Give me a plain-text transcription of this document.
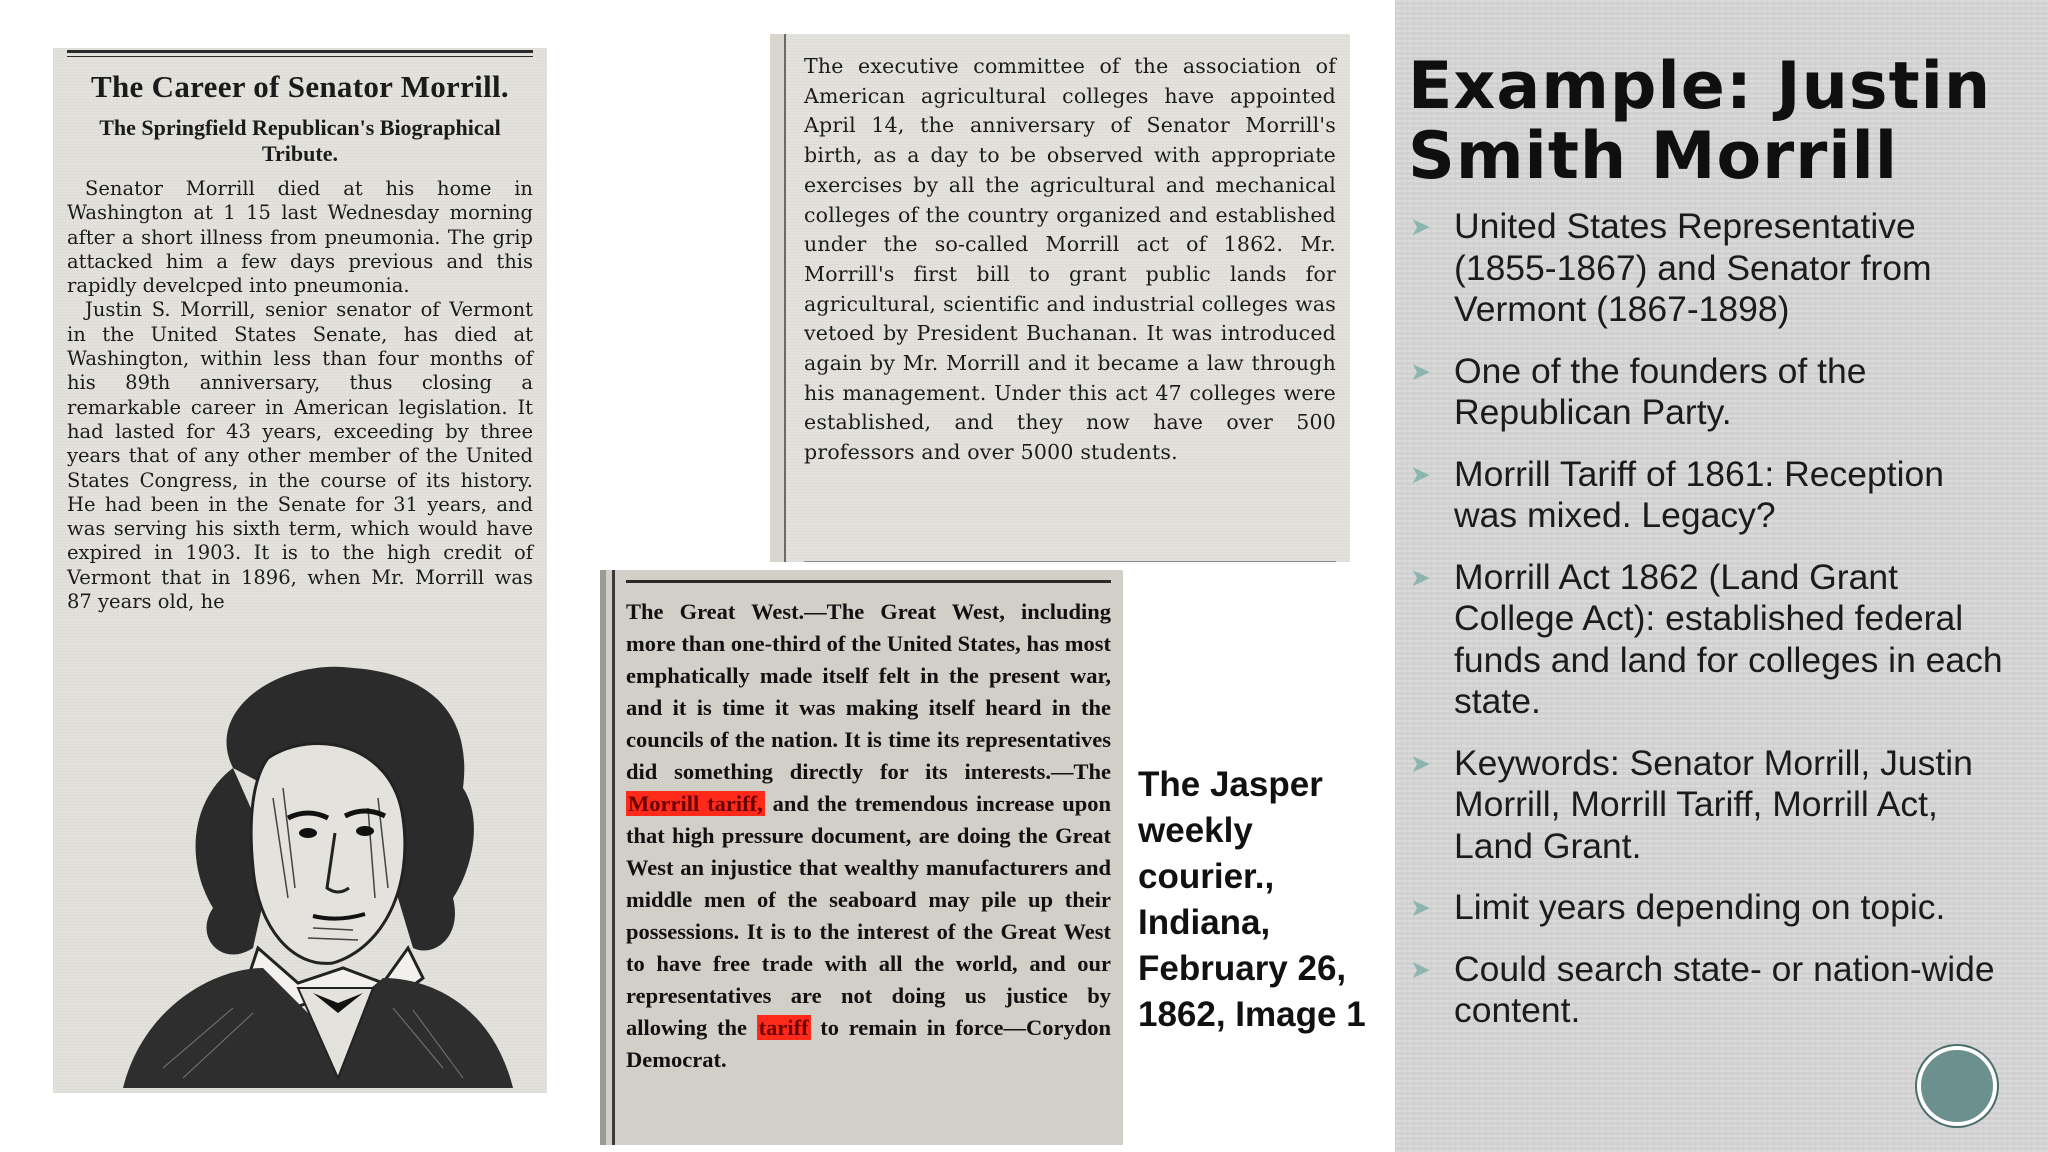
The Career of Senator Morrill.
The Springfield Republican's Biographical Tribute.

Senator Morrill died at his home in Washington at 1 15 last Wednesday morning after a short illness from pneumonia. The grip attacked him a few days previous and this rapidly develcped into pneumonia.

Justin S. Morrill, senior senator of Vermont in the United States Senate, has died at Washington, within less than four months of his 89th anniversary, thus closing a remarkable career in American legislation. It had lasted for 43 years, exceeding by three years that of any other member of the United States Congress, in the course of its history. He had been in the Senate for 31 years, and was serving his sixth term, which would have expired in 1903. It is to the high credit of Vermont that in 1896, when Mr. Morrill was 87 years old, he

The executive committee of the association of American agricultural colleges have appointed April 14, the anniversary of Senator Morrill's birth, as a day to be observed with appropriate exercises by all the agricultural and mechanical colleges of the country organized and established under the so-called Morrill act of 1862. Mr. Morrill's first bill to grant public lands for agricultural, scientific and industrial colleges was vetoed by President Buchanan. It was introduced again by Mr. Morrill and it became a law through his management. Under this act 47 colleges were established, and they now have over 500 professors and over 5000 students.

The Great West.—The Great West, including more than one-third of the United States, has most emphatically made itself felt in the present war, and it is time it was making itself heard in the councils of the nation. It is time its representatives did something directly for its interests.—The Morrill tariff, and the tremendous increase upon that high pressure document, are doing the Great West an injustice that wealthy manufacturers and middle men of the seaboard may pile up their possessions. It is to the interest of the Great West to have free trade with all the world, and our representatives are not doing us justice by allowing the tariff to remain in force—Corydon Democrat.

The Jasper weekly courier., Indiana, February 26, 1862, Image 1
Example: Justin Smith Morrill
➤ United States Representative (1855-1867) and Senator from Vermont (1867-1898)
➤ One of the founders of the Republican Party.
➤ Morrill Tariff of 1861: Reception was mixed. Legacy?
➤ Morrill Act 1862 (Land Grant College Act): established federal funds and land for colleges in each state.
➤ Keywords: Senator Morrill, Justin Morrill, Morrill Tariff, Morrill Act, Land Grant.
➤ Limit years depending on topic.
➤ Could search state- or nation-wide content.
